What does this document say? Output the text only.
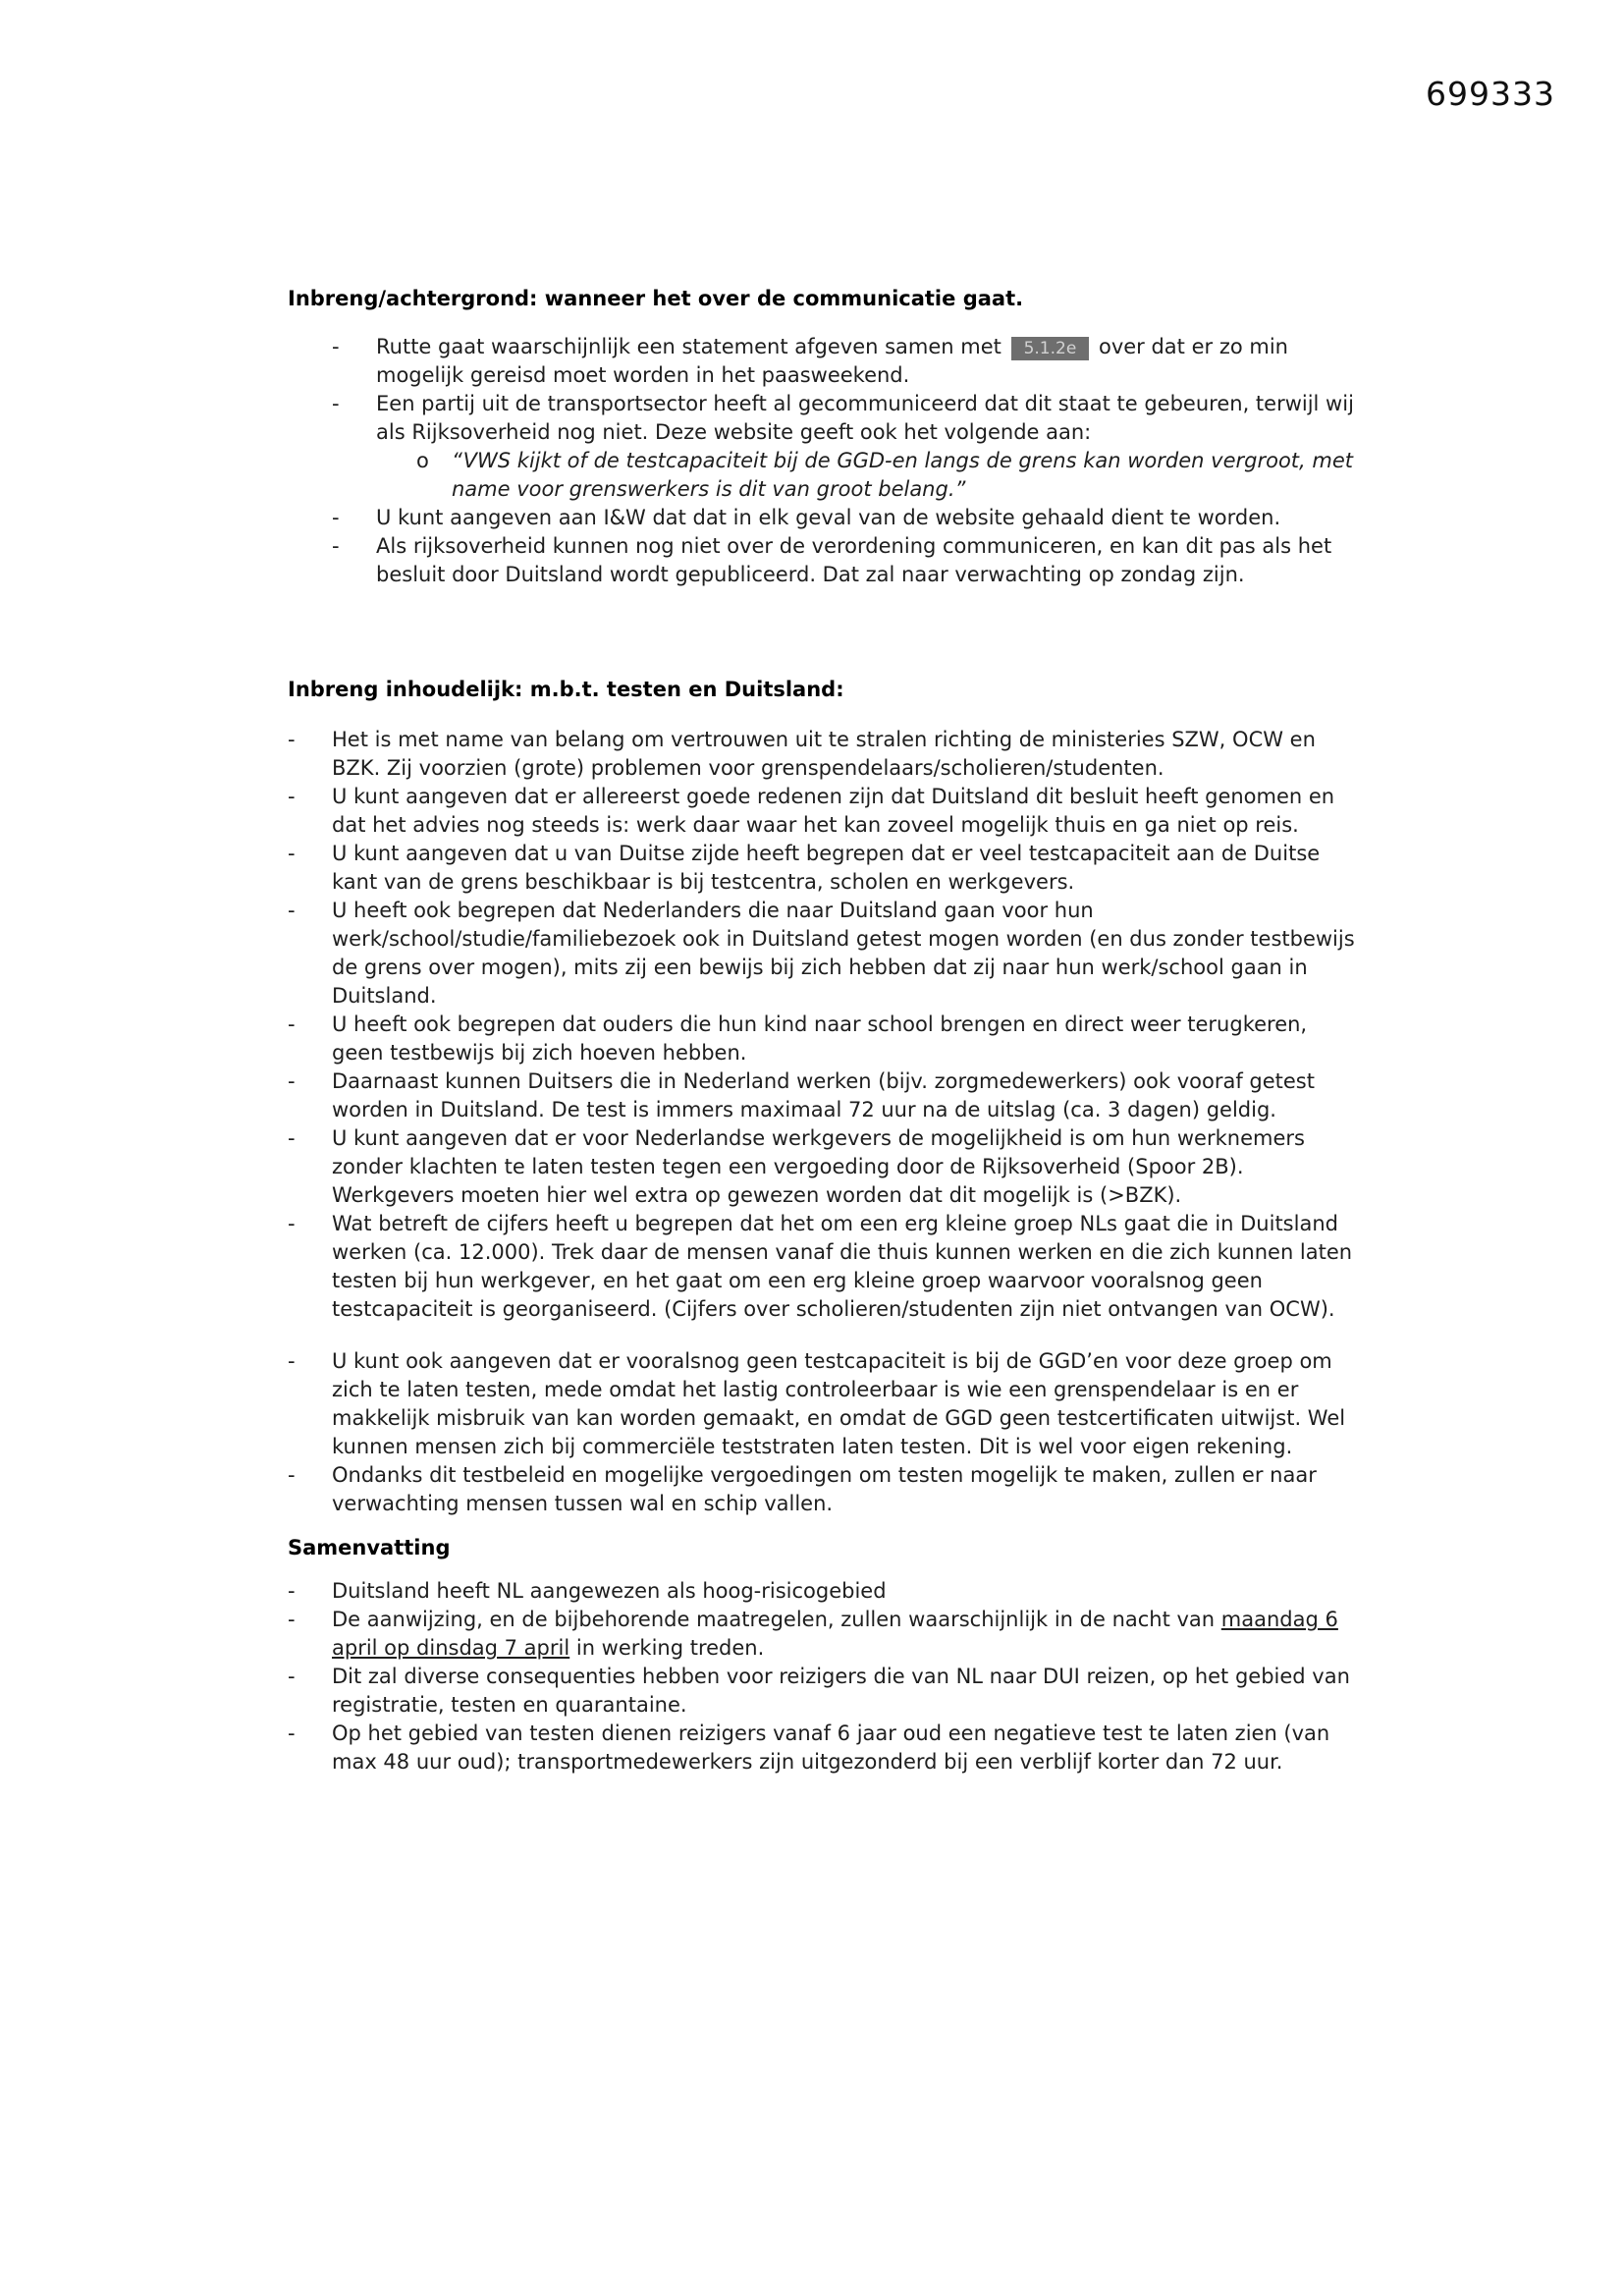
699333
Inbreng/achtergrond: wanneer het over de communicatie gaat.
-	Rutte gaat waarschijnlijk een statement afgeven samen met 5.1.2e over dat er zo min mogelijk gereisd moet worden in het paasweekend.
-	Een partij uit de transportsector heeft al gecommuniceerd dat dit staat te gebeuren, terwijl wij als Rijksoverheid nog niet. Deze website geeft ook het volgende aan:
o	“VWS kijkt of de testcapaciteit bij de GGD-en langs de grens kan worden vergroot, met name voor grenswerkers is dit van groot belang.”
-	U kunt aangeven aan I&W dat dat in elk geval van de website gehaald dient te worden.
-	Als rijksoverheid kunnen nog niet over de verordening communiceren, en kan dit pas als het besluit door Duitsland wordt gepubliceerd. Dat zal naar verwachting op zondag zijn.
Inbreng inhoudelijk: m.b.t. testen en Duitsland:
-	Het is met name van belang om vertrouwen uit te stralen richting de ministeries SZW, OCW en BZK. Zij voorzien (grote) problemen voor grenspendelaars/scholieren/studenten.
-	U kunt aangeven dat er allereerst goede redenen zijn dat Duitsland dit besluit heeft genomen en dat het advies nog steeds is: werk daar waar het kan zoveel mogelijk thuis en ga niet op reis.
-	U kunt aangeven dat u van Duitse zijde heeft begrepen dat er veel testcapaciteit aan de Duitse kant van de grens beschikbaar is bij testcentra, scholen en werkgevers.
-	U heeft ook begrepen dat Nederlanders die naar Duitsland gaan voor hun werk/school/studie/familiebezoek ook in Duitsland getest mogen worden (en dus zonder testbewijs de grens over mogen), mits zij een bewijs bij zich hebben dat zij naar hun werk/school gaan in Duitsland.
-	U heeft ook begrepen dat ouders die hun kind naar school brengen en direct weer terugkeren, geen testbewijs bij zich hoeven hebben.
-	Daarnaast kunnen Duitsers die in Nederland werken (bijv. zorgmedewerkers) ook vooraf getest worden in Duitsland. De test is immers maximaal 72 uur na de uitslag (ca. 3 dagen) geldig.
-	U kunt aangeven dat er voor Nederlandse werkgevers de mogelijkheid is om hun werknemers zonder klachten te laten testen tegen een vergoeding door de Rijksoverheid (Spoor 2B). Werkgevers moeten hier wel extra op gewezen worden dat dit mogelijk is (>BZK).
-	Wat betreft de cijfers heeft u begrepen dat het om een erg kleine groep NLs gaat die in Duitsland werken (ca. 12.000). Trek daar de mensen vanaf die thuis kunnen werken en die zich kunnen laten testen bij hun werkgever, en het gaat om een erg kleine groep waarvoor vooralsnog geen testcapaciteit is georganiseerd. (Cijfers over scholieren/studenten zijn niet ontvangen van OCW).
-	U kunt ook aangeven dat er vooralsnog geen testcapaciteit is bij de GGD’en voor deze groep om zich te laten testen, mede omdat het lastig controleerbaar is wie een grenspendelaar is en er makkelijk misbruik van kan worden gemaakt, en omdat de GGD geen testcertificaten uitwijst. Wel kunnen mensen zich bij commerciële teststraten laten testen. Dit is wel voor eigen rekening.
-	Ondanks dit testbeleid en mogelijke vergoedingen om testen mogelijk te maken, zullen er naar verwachting mensen tussen wal en schip vallen.
Samenvatting
-	Duitsland heeft NL aangewezen als hoog-risicogebied
-	De aanwijzing, en de bijbehorende maatregelen, zullen waarschijnlijk in de nacht van maandag 6 april op dinsdag 7 april in werking treden.
-	Dit zal diverse consequenties hebben voor reizigers die van NL naar DUI reizen, op het gebied van registratie, testen en quarantaine.
-	Op het gebied van testen dienen reizigers vanaf 6 jaar oud een negatieve test te laten zien (van max 48 uur oud); transportmedewerkers zijn uitgezonderd bij een verblijf korter dan 72 uur.
